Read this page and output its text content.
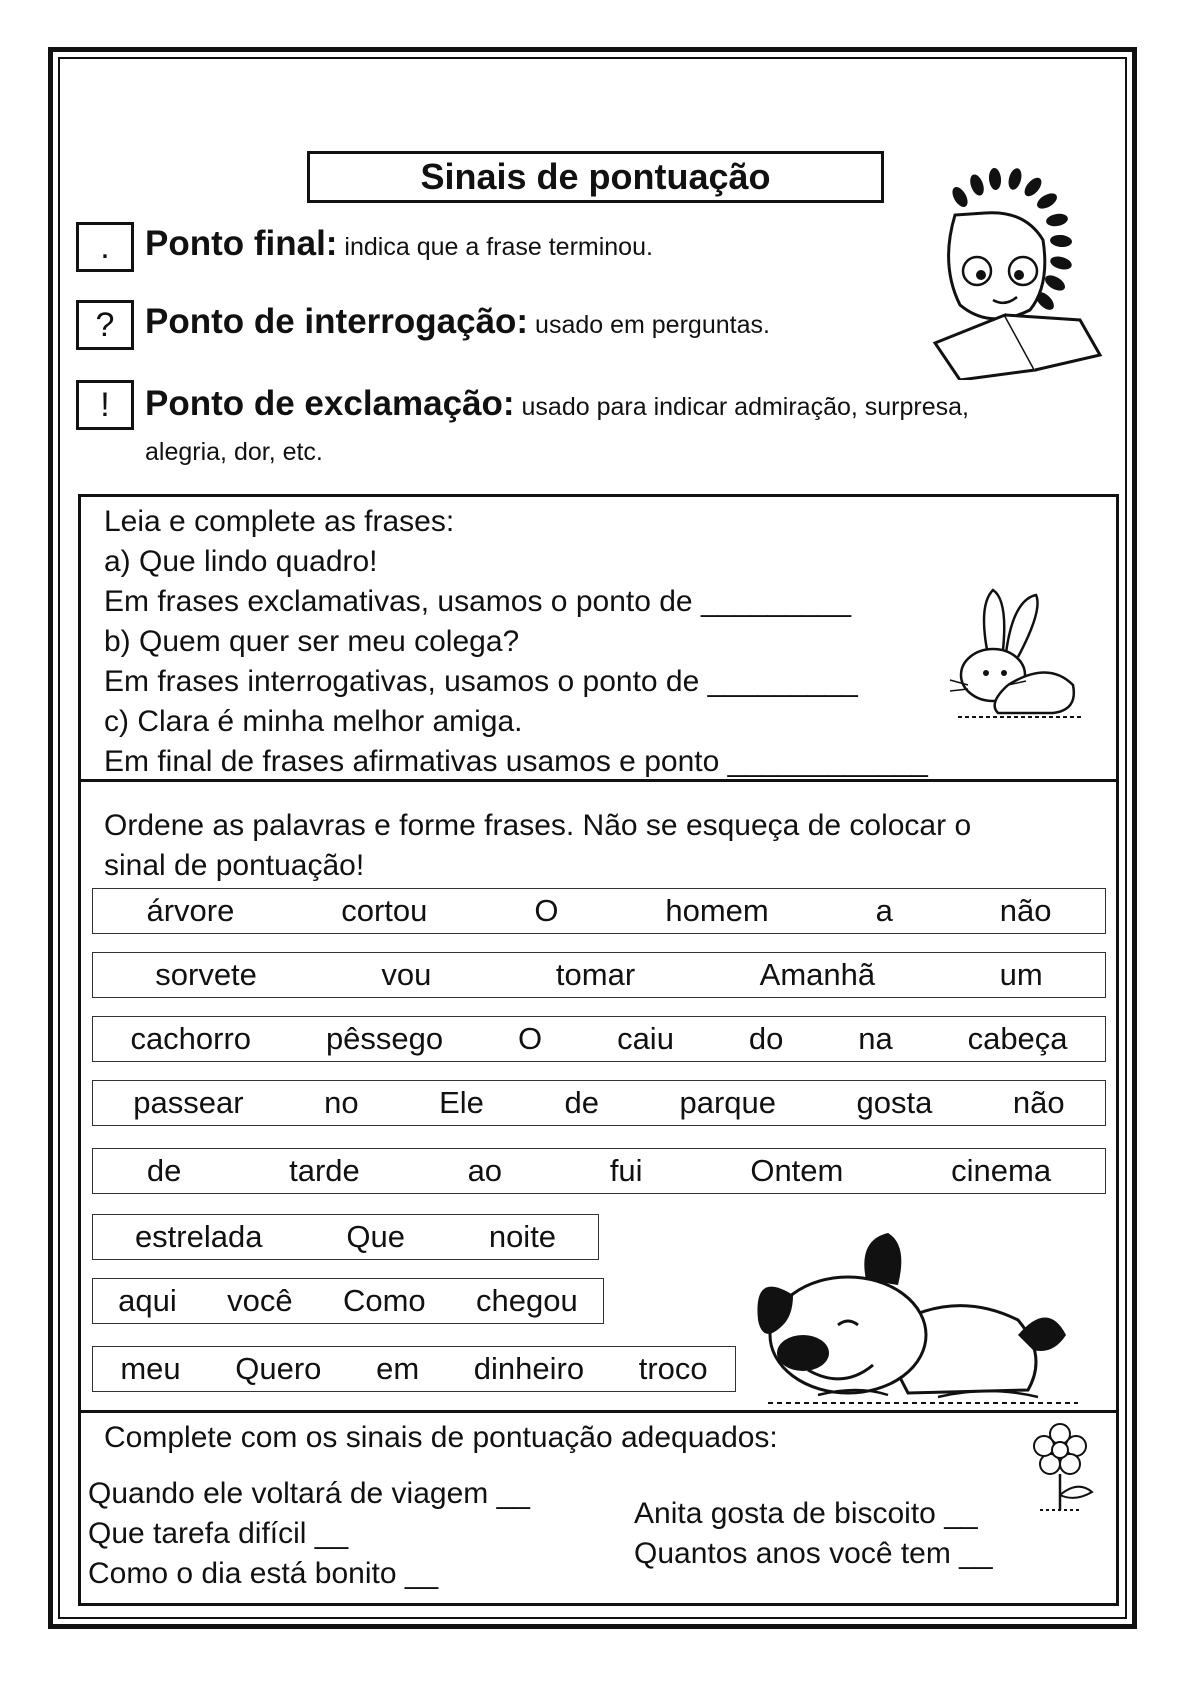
Sinais de pontuação
.	Ponto final: indica que a frase terminou.
? Ponto de interrogação: usado em perguntas.
!	Ponto de exclamação: usado para indicar admiração, surpresa,
alegria, dor, etc.
Leia e complete as frases:
a) Que lindo quadro!
Em frases exclamativas, usamos o ponto de _________
b) Quem quer ser meu colega?
Em frases interrogativas, usamos o ponto de _________
c) Clara é minha melhor amiga.
Em final de frases afirmativas usamos e ponto ____________
Ordene as palavras e forme frases. Não se esqueça de colocar o
sinal de pontuação!
árvore	cortou	O	homem	a	não
sorvete	vou	tomar	Amanhã	um
cachorro pêssego O caiu do na cabeça
passear	no	Ele	de	parque	gosta	não
de	tarde	ao	fui	Ontem	cinema
estrelada	Que	noite
aqui você Como chegou
meu Quero em dinheiro troco
Complete com os sinais de pontuação adequados:
Quando ele voltará de viagem __
Que tarefa difícil __
Como o dia está bonito __
Anita gosta de biscoito __
Quantos anos você tem __
